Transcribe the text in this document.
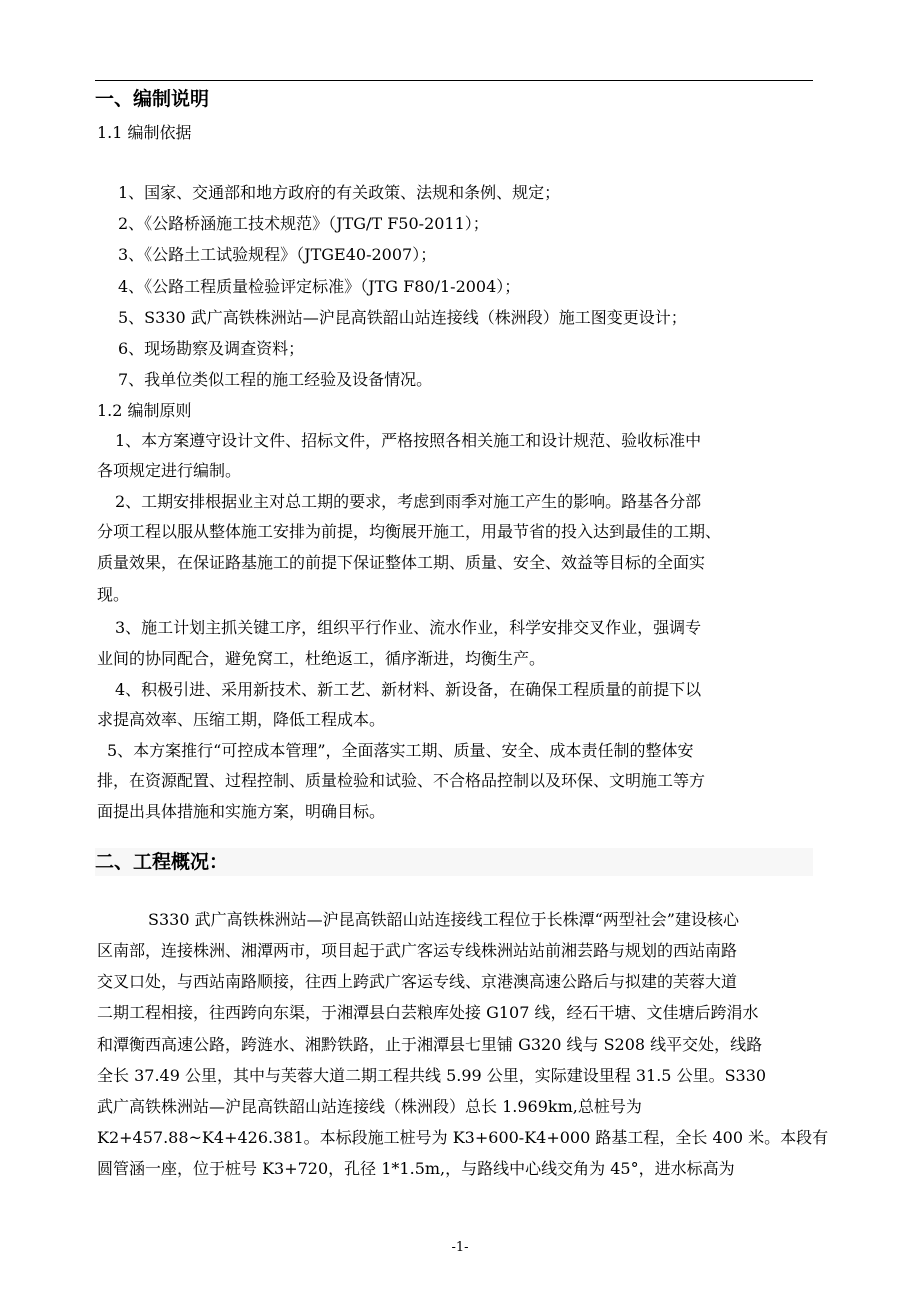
一、编制说明
1.1 编制依据
1、国家、交通部和地方政府的有关政策、法规和条例、规定；
2、《公路桥涵施工技术规范》（JTG/T F50-2011）；
3、《公路土工试验规程》（JTGE40-2007）；
4、《公路工程质量检验评定标准》（JTG F80/1-2004）；
5、S330 武广高铁株洲站—沪昆高铁韶山站连接线（株洲段）施工图变更设计；
6、现场勘察及调查资料；
7、我单位类似工程的施工经验及设备情况。
1.2 编制原则
1、本方案遵守设计文件、招标文件，严格按照各相关施工和设计规范、验收标准中
各项规定进行编制。
2、工期安排根据业主对总工期的要求，考虑到雨季对施工产生的影响。路基各分部
分项工程以服从整体施工安排为前提，均衡展开施工，用最节省的投入达到最佳的工期、
质量效果，在保证路基施工的前提下保证整体工期、质量、安全、效益等目标的全面实
现。
3、施工计划主抓关键工序，组织平行作业、流水作业，科学安排交叉作业，强调专
业间的协同配合，避免窝工，杜绝返工，循序渐进，均衡生产。
4、积极引进、采用新技术、新工艺、新材料、新设备，在确保工程质量的前提下以
求提高效率、压缩工期，降低工程成本。
5、本方案推行“可控成本管理”，全面落实工期、质量、安全、成本责任制的整体安
排，在资源配置、过程控制、质量检验和试验、不合格品控制以及环保、文明施工等方
面提出具体措施和实施方案，明确目标。
二、工程概况：
S330 武广高铁株洲站—沪昆高铁韶山站连接线工程位于长株潭“两型社会”建设核心
区南部，连接株洲、湘潭两市，项目起于武广客运专线株洲站站前湘芸路与规划的西站南路
交叉口处，与西站南路顺接，往西上跨武广客运专线、京港澳高速公路后与拟建的芙蓉大道
二期工程相接，往西跨向东渠，于湘潭县白芸粮库处接 G107 线，经石干塘、文佳塘后跨涓水
和潭衡西高速公路，跨涟水、湘黔铁路，止于湘潭县七里铺 G320 线与 S208 线平交处，线路
全长 37.49 公里，其中与芙蓉大道二期工程共线 5.99 公里，实际建设里程 31.5 公里。S330
武广高铁株洲站—沪昆高铁韶山站连接线（株洲段）总长 1.969km,总桩号为
K2+457.88~K4+426.381。本标段施工桩号为 K3+600-K4+000 路基工程，全长 400 米。本段有
圆管涵一座，位于桩号 K3+720，孔径 1*1.5m,，与路线中心线交角为 45°，进水标高为
-1-
